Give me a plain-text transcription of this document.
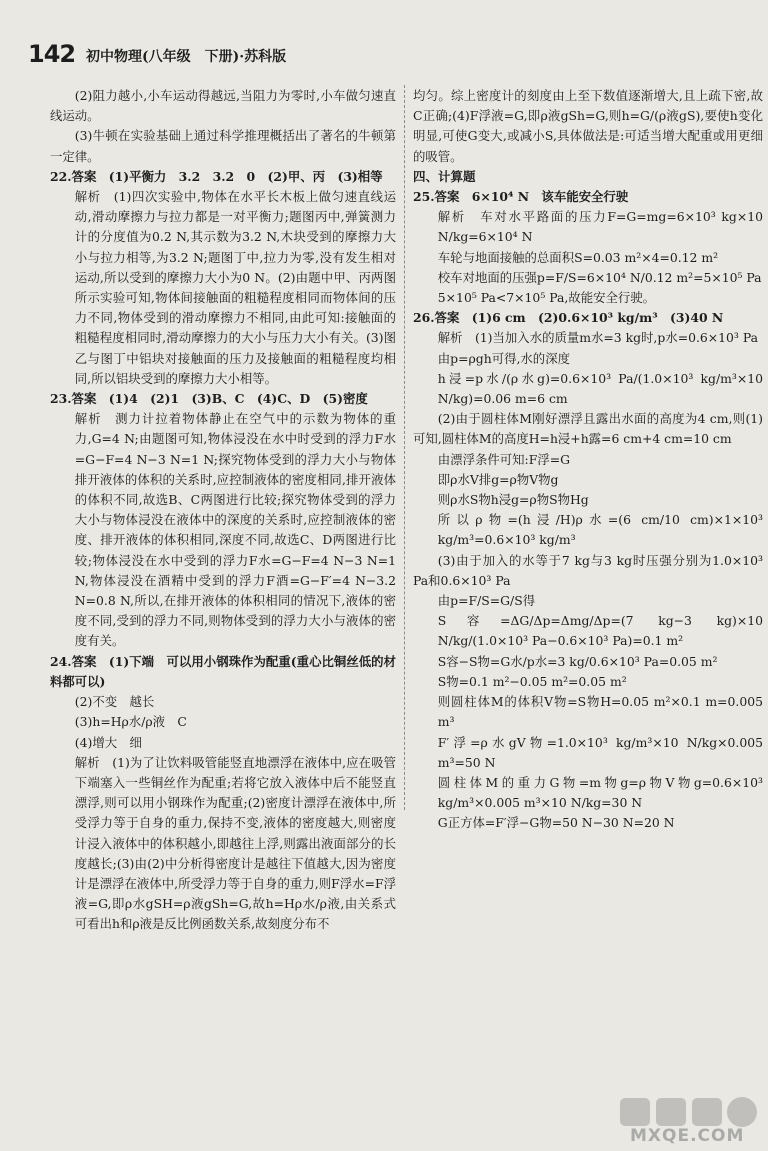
142 初中物理(八年级　下册)·苏科版

(2)阻力越小,小车运动得越远,当阻力为零时,小车做匀速直线运动。

(3)牛顿在实验基础上通过科学推理概括出了著名的牛顿第一定律。

22.答案　(1)平衡力　3.2　3.2　0　(2)甲、丙　(3)相等

解析　(1)四次实验中,物体在水平长木板上做匀速直线运动,滑动摩擦力与拉力都是一对平衡力;题图丙中,弹簧测力计的分度值为0.2 N,其示数为3.2 N,木块受到的摩擦力大小与拉力相等,为3.2 N;题图丁中,拉力为零,没有发生相对运动,所以受到的摩擦力大小为0 N。(2)由题中甲、丙两图所示实验可知,物体间接触面的粗糙程度相同而物体间的压力不同,物体受到的滑动摩擦力不相同,由此可知:接触面的粗糙程度相同时,滑动摩擦力的大小与压力大小有关。(3)图乙与图丁中铝块对接触面的压力及接触面的粗糙程度均相同,所以铝块受到的摩擦力大小相等。

23.答案　(1)4　(2)1　(3)B、C　(4)C、D　(5)密度

解析　测力计拉着物体静止在空气中的示数为物体的重力,G=4 N;由题图可知,物体浸没在水中时受到的浮力F水=G−F=4 N−3 N=1 N;探究物体受到的浮力大小与物体排开液体的体积的关系时,应控制液体的密度相同,排开液体的体积不同,故选B、C两图进行比较;探究物体受到的浮力大小与物体浸没在液体中的深度的关系时,应控制液体的密度、排开液体的体积相同,深度不同,故选C、D两图进行比较;物体浸没在水中受到的浮力F水=G−F=4 N−3 N=1 N,物体浸没在酒精中受到的浮力F酒=G−F′=4 N−3.2 N=0.8 N,所以,在排开液体的体积相同的情况下,液体的密度不同,受到的浮力不同,则物体受到的浮力大小与液体的密度有关。

24.答案　(1)下端　可以用小钢珠作为配重(重心比铜丝低的材料都可以)

(2)不变　越长

(3)h=Hρ水/ρ液　C

(4)增大　细

解析　(1)为了让饮料吸管能竖直地漂浮在液体中,应在吸管下端塞入一些铜丝作为配重;若将它放入液体中后不能竖直漂浮,则可以用小钢珠作为配重;(2)密度计漂浮在液体中,所受浮力等于自身的重力,保持不变,液体的密度越大,则密度计浸入液体中的体积越小,即越往上浮,则露出液面部分的长度越长;(3)由(2)中分析得密度计是越往下值越大,因为密度计是漂浮在液体中,所受浮力等于自身的重力,则F浮水=F浮液=G,即ρ水gSH=ρ液gSh=G,故h=Hρ水/ρ液,由关系式可看出h和ρ液是反比例函数关系,故刻度分布不

均匀。综上密度计的刻度由上至下数值逐渐增大,且上疏下密,故C正确;(4)F浮液=G,即ρ液gSh=G,则h=G/(ρ液gS),要使h变化明显,可使G变大,或减小S,具体做法是:可适当增大配重或用更细的吸管。

四、计算题

25.答案　6×10⁴ N　该车能安全行驶

解析　车对水平路面的压力F=G=mg=6×10³ kg×10 N/kg=6×10⁴ N

车轮与地面接触的总面积S=0.03 m²×4=0.12 m²

校车对地面的压强p=F/S=6×10⁴ N/0.12 m²=5×10⁵ Pa

5×10⁵ Pa<7×10⁵ Pa,故能安全行驶。

26.答案　(1)6 cm　(2)0.6×10³ kg/m³　(3)40 N

解析　(1)当加入水的质量m水=3 kg时,p水=0.6×10³ Pa

由p=ρgh可得,水的深度

h浸=p水/(ρ水g)=0.6×10³ Pa/(1.0×10³ kg/m³×10 N/kg)=0.06 m=6 cm

(2)由于圆柱体M刚好漂浮且露出水面的高度为4 cm,则(1)可知,圆柱体M的高度H=h浸+h露=6 cm+4 cm=10 cm

由漂浮条件可知:F浮=G

即ρ水V排g=ρ物V物g

则ρ水S物h浸g=ρ物S物Hg

所以ρ物=(h浸/H)ρ水=(6 cm/10 cm)×1×10³ kg/m³=0.6×10³ kg/m³

(3)由于加入的水等于7 kg与3 kg时压强分别为1.0×10³ Pa和0.6×10³ Pa

由p=F/S=G/S得

S容=ΔG/Δp=Δmg/Δp=(7 kg−3 kg)×10 N/kg/(1.0×10³ Pa−0.6×10³ Pa)=0.1 m²

S容−S物=G水/p水=3 kg/0.6×10³ Pa=0.05 m²

S物=0.1 m²−0.05 m²=0.05 m²

则圆柱体M的体积V物=S物H=0.05 m²×0.1 m=0.005 m³

F′浮=ρ水gV物=1.0×10³ kg/m³×10 N/kg×0.005 m³=50 N

圆柱体M的重力G物=m物g=ρ物V物g=0.6×10³ kg/m³×0.005 m³×10 N/kg=30 N

G正方体=F′浮−G物=50 N−30 N=20 N

MXQE.COM
